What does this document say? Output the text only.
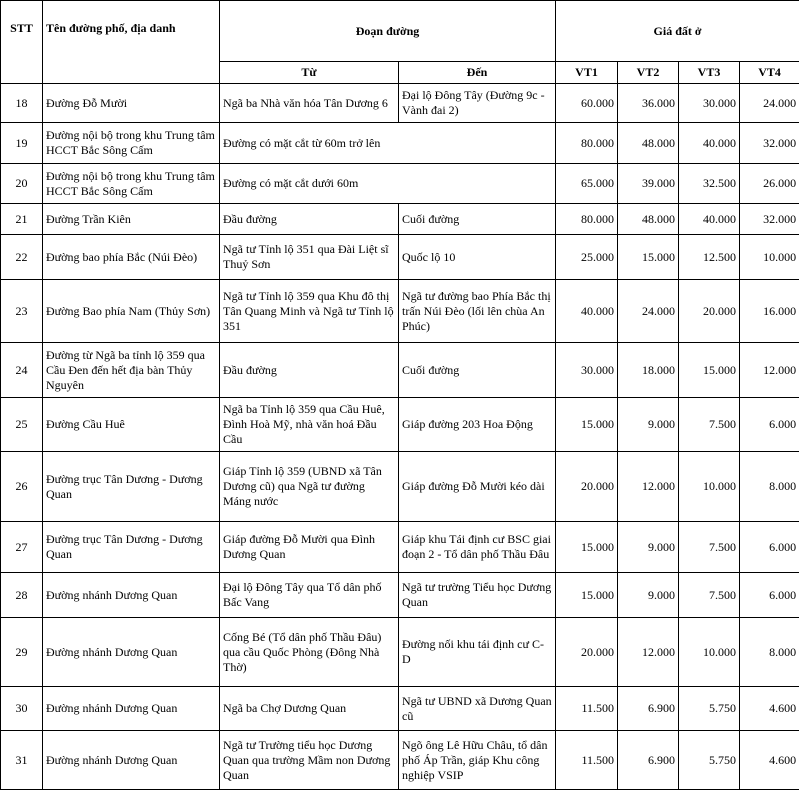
STT	Tên đường phố, địa danh	Đoạn đường		Giá đất ở			
		Từ	Đến	VT1	VT2	VT3	VT4
18	Đường Đỗ Mười	Ngã ba Nhà văn hóa Tân Dương 6	Đại lộ Đông Tây (Đường 9c - Vành đai 2)	60.000	36.000	30.000	24.000
19	Đường nội bộ trong khu Trung tâm HCCT Bắc Sông Cấm	Đường có mặt cắt từ 60m trở lên		80.000	48.000	40.000	32.000
20	Đường nội bộ trong khu Trung tâm HCCT Bắc Sông Cấm	Đường có mặt cắt dưới 60m		65.000	39.000	32.500	26.000
21	Đường Trần Kiên	Đầu đường	Cuối đường	80.000	48.000	40.000	32.000
22	Đường bao phía Bắc (Núi Đèo)	Ngã tư Tỉnh lộ 351 qua Đài Liệt sĩ Thuỷ Sơn	Quốc lộ 10	25.000	15.000	12.500	10.000
23	Đường Bao phía Nam (Thủy Sơn)	Ngã tư Tỉnh lộ 359 qua Khu đô thị Tân Quang Minh và Ngã tư Tỉnh lộ 351	Ngã tư đường bao Phía Bắc thị trấn Núi Đèo (lối lên chùa An Phúc)	40.000	24.000	20.000	16.000
24	Đường từ Ngã ba tỉnh lộ 359 qua Cầu Đen đến hết địa bàn Thủy Nguyên	Đầu đường	Cuối đường	30.000	18.000	15.000	12.000
25	Đường Cầu Huê	Ngã ba Tỉnh lộ 359 qua Cầu Huê, Đình Hoà Mỹ, nhà văn hoá Đầu Cầu	Giáp đường 203 Hoa Động	15.000	9.000	7.500	6.000
26	Đường trục Tân Dương - Dương Quan	Giáp Tỉnh lộ 359 (UBND xã Tân Dương cũ) qua Ngã tư đường Máng nước	Giáp đường Đỗ Mười kéo dài	20.000	12.000	10.000	8.000
27	Đường trục Tân Dương - Dương Quan	Giáp đường Đỗ Mười qua Đình Dương Quan	Giáp khu Tái định cư BSC giai đoạn 2 - Tổ dân phố Thầu Đâu	15.000	9.000	7.500	6.000
28	Đường nhánh Dương Quan	Đại lộ Đông Tây qua Tổ dân phố Bấc Vang	Ngã tư trường Tiểu học Dương Quan	15.000	9.000	7.500	6.000
29	Đường nhánh Dương Quan	Cống Bé (Tổ dân phố Thầu Đâu) qua cầu Quốc Phòng (Đông Nhà Thờ)	Đường nối khu tái định cư C-D	20.000	12.000	10.000	8.000
30	Đường nhánh Dương Quan	Ngã ba Chợ Dương Quan	Ngã tư UBND xã Dương Quan cũ	11.500	6.900	5.750	4.600
31	Đường nhánh Dương Quan	Ngã tư Trường tiểu học Dương Quan qua trường Mầm non Dương Quan	Ngõ ông Lê Hữu Châu, tổ dân phố Áp Trần, giáp Khu công nghiệp VSIP	11.500	6.900	5.750	4.600
